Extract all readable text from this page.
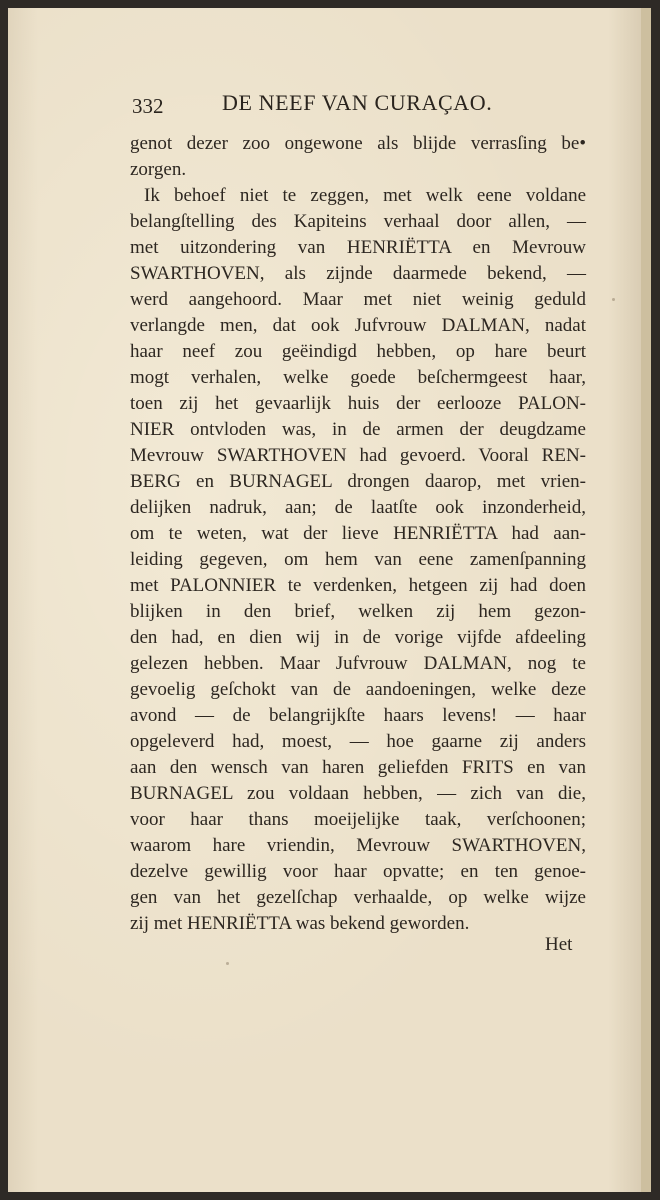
332	DE NEEF VAN CURAÇAO.
genot dezer zoo ongewone als blijde verrasſing be•
zorgen.
Ik behoef niet te zeggen, met welk eene voldane
belangſtelling des Kapiteins verhaal door allen, —
met uitzondering van HENRIËTTA en Mevrouw
SWARTHOVEN, als zijnde daarmede bekend, —
werd aangehoord. Maar met niet weinig geduld
verlangde men, dat ook Jufvrouw DALMAN, nadat
haar neef zou geëindigd hebben, op hare beurt
mogt verhalen, welke goede beſchermgeest haar,
toen zij het gevaarlijk huis der eerlooze PALON-
NIER ontvloden was, in de armen der deugdzame
Mevrouw SWARTHOVEN had gevoerd. Vooral REN-
BERG en BURNAGEL drongen daarop, met vrien-
delijken nadruk, aan; de laatſte ook inzonderheid,
om te weten, wat der lieve HENRIËTTA had aan-
leiding gegeven, om hem van eene zamenſpanning
met PALONNIER te verdenken, hetgeen zij had doen
blijken in den brief, welken zij hem gezon-
den had, en dien wij in de vorige vijfde afdeeling
gelezen hebben. Maar Jufvrouw DALMAN, nog te
gevoelig geſchokt van de aandoeningen, welke deze
avond — de belangrijkſte haars levens! — haar
opgeleverd had, moest, — hoe gaarne zij anders
aan den wensch van haren geliefden FRITS en van
BURNAGEL zou voldaan hebben, — zich van die,
voor haar thans moeijelijke taak, verſchoonen;
waarom hare vriendin, Mevrouw SWARTHOVEN,
dezelve gewillig voor haar opvatte; en ten genoe-
gen van het gezelſchap verhaalde, op welke wijze
zij met HENRIËTTA was bekend geworden.
Het
